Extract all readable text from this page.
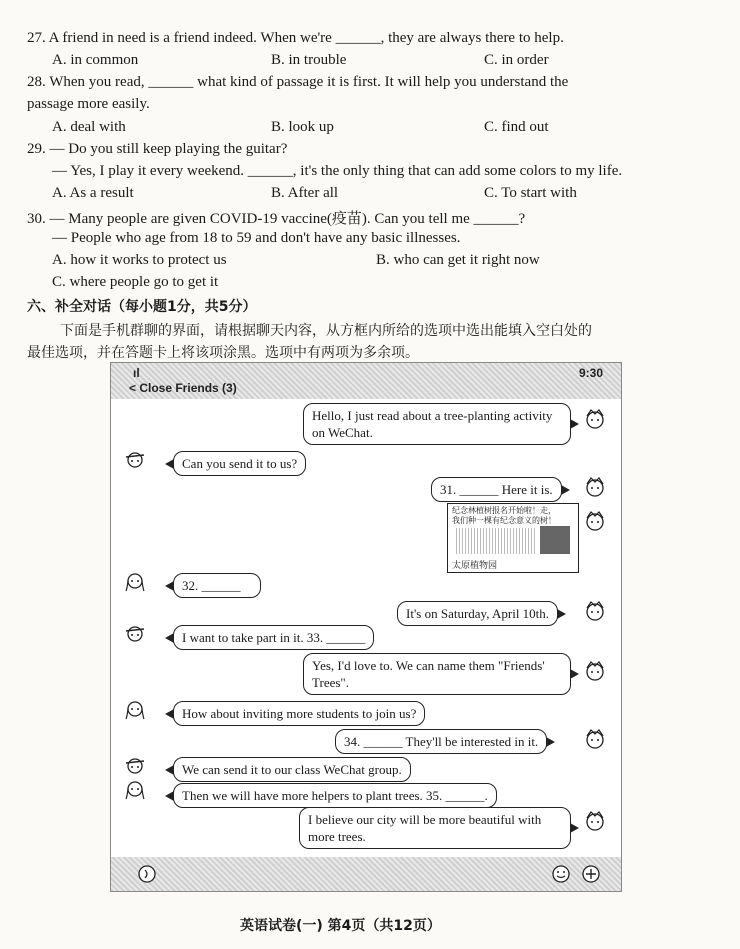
27. A friend in need is a friend indeed. When we're ______, they are always there to help.
A. in common	B. in trouble	C. in order
28. When you read, ______ what kind of passage it is first. It will help you understand the
passage more easily.
A. deal with	B. look up	C. find out
29. — Do you still keep playing the guitar?
— Yes, I play it every weekend. ______, it's the only thing that can add some colors to my life.
A. As a result	B. After all	C. To start with
30. — Many people are given COVID-19 vaccine(疫苗). Can you tell me ______?
— People who age from 18 to 59 and don't have any basic illnesses.
A. how it works to protect us	B. who can get it right now
C. where people go to get it
六、补全对话（每小题1分，共5分）
下面是手机群聊的界面，请根据聊天内容，从方框内所给的选项中选出能填入空白处的
最佳选项，并在答题卡上将该项涂黑。选项中有两项为多余项。
ıl	9:30
< Close Friends (3)
Hello, I just read about a tree-planting activity on WeChat.
Can you send it to us?
31. ______ Here it is.
纪念林植树报名开始啦！走，
我们种一棵有纪念意义的树！
太原植物园
32. ______
It's on Saturday, April 10th.
I want to take part in it. 33. ______
Yes, I'd love to. We can name them "Friends' Trees".
How about inviting more students to join us?
34. ______ They'll be interested in it.
We can send it to our class WeChat group.
Then we will have more helpers to plant trees. 35. ______.
I believe our city will be more beautiful with more trees.
英语试卷(一) 第4页（共12页）
